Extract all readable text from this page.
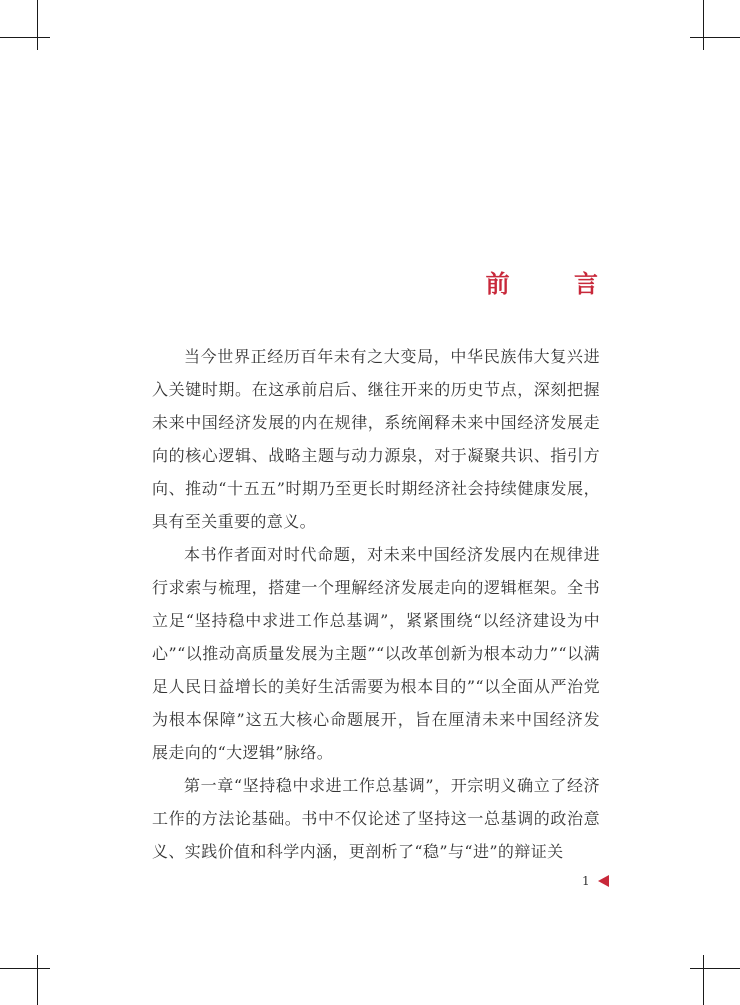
前 言

当今世界正经历百年未有之大变局，中华民族伟大复兴进入关键时期。在这承前启后、继往开来的历史节点，深刻把握未来中国经济发展的内在规律，系统阐释未来中国经济发展走向的核心逻辑、战略主题与动力源泉，对于凝聚共识、指引方向、推动“十五五”时期乃至更长时期经济社会持续健康发展，具有至关重要的意义。

本书作者面对时代命题，对未来中国经济发展内在规律进行求索与梳理，搭建一个理解经济发展走向的逻辑框架。全书立足“坚持稳中求进工作总基调”，紧紧围绕“以经济建设为中心”“以推动高质量发展为主题”“以改革创新为根本动力”“以满足人民日益增长的美好生活需要为根本目的”“以全面从严治党为根本保障”这五大核心命题展开，旨在厘清未来中国经济发展走向的“大逻辑”脉络。

第一章“坚持稳中求进工作总基调”，开宗明义确立了经济工作的方法论基础。书中不仅论述了坚持这一总基调的政治意义、实践价值和科学内涵，更剖析了“稳”与“进”的辩证关

1
